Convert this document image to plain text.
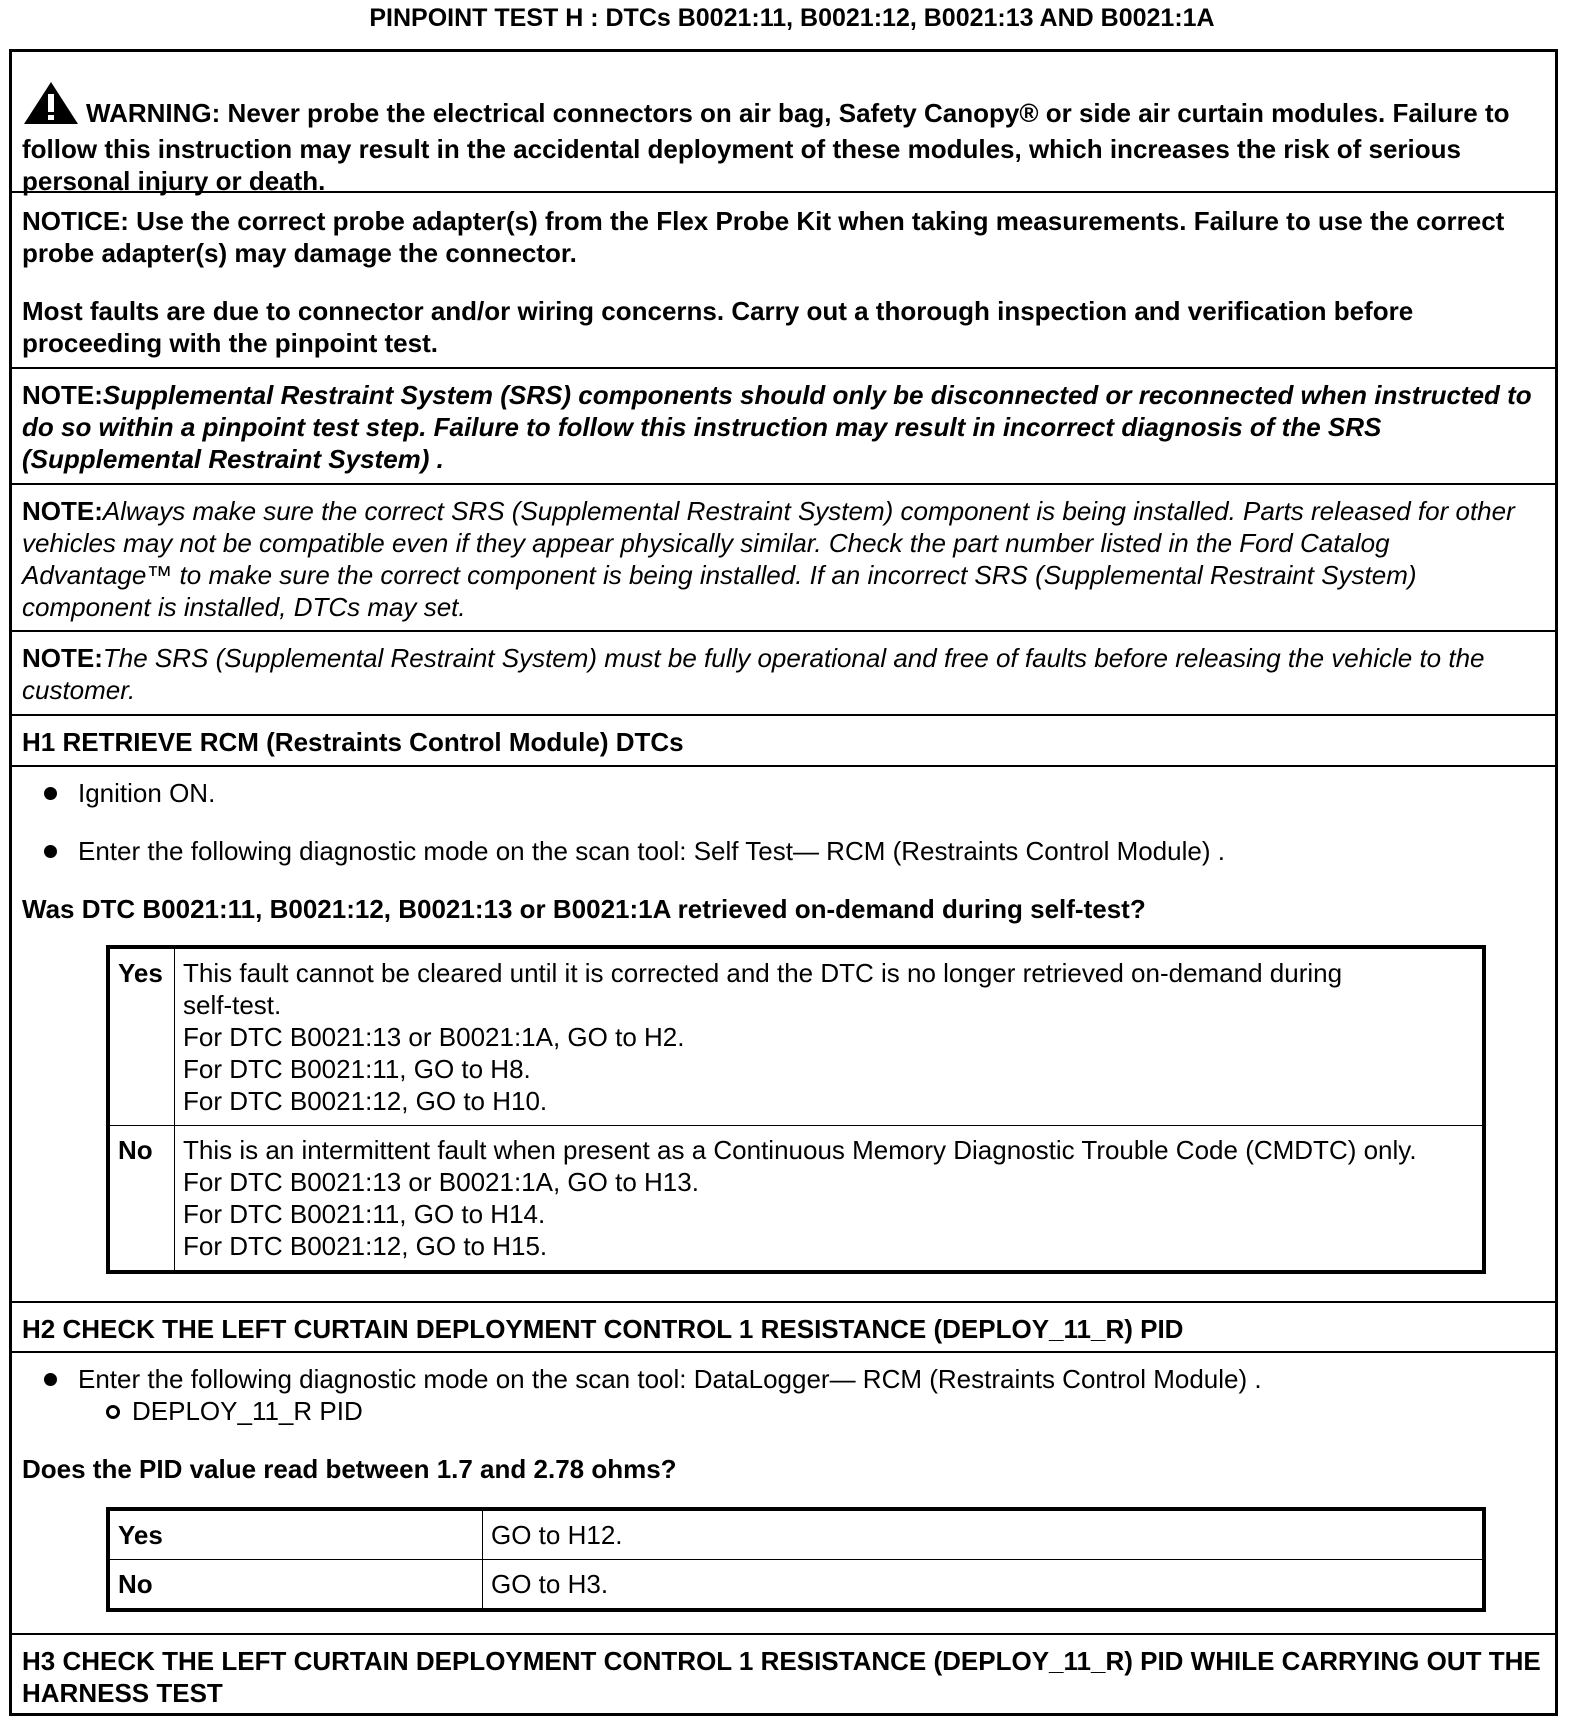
PINPOINT TEST H : DTCs B0021:11, B0021:12, B0021:13 AND B0021:1A

WARNING: Never probe the electrical connectors on air bag, Safety Canopy® or side air curtain modules. Failure to follow this instruction may result in the accidental deployment of these modules, which increases the risk of serious personal injury or death.

NOTICE: Use the correct probe adapter(s) from the Flex Probe Kit when taking measurements. Failure to use the correct probe adapter(s) may damage the connector.

Most faults are due to connector and/or wiring concerns. Carry out a thorough inspection and verification before proceeding with the pinpoint test.

NOTE:Supplemental Restraint System (SRS) components should only be disconnected or reconnected when instructed to do so within a pinpoint test step. Failure to follow this instruction may result in incorrect diagnosis of the SRS (Supplemental Restraint System) .

NOTE:Always make sure the correct SRS (Supplemental Restraint System) component is being installed. Parts released for other vehicles may not be compatible even if they appear physically similar. Check the part number listed in the Ford Catalog Advantage™ to make sure the correct component is being installed. If an incorrect SRS (Supplemental Restraint System) component is installed, DTCs may set.

NOTE:The SRS (Supplemental Restraint System) must be fully operational and free of faults before releasing the vehicle to the customer.

H1 RETRIEVE RCM (Restraints Control Module) DTCs

Ignition ON.
Enter the following diagnostic mode on the scan tool: Self Test— RCM (Restraints Control Module) .

Was DTC B0021:11, B0021:12, B0021:13 or B0021:1A retrieved on-demand during self-test?

Yes	This fault cannot be cleared until it is corrected and the DTC is no longer retrieved on-demand during
self-test.
For DTC B0021:13 or B0021:1A, GO to H2.
For DTC B0021:11, GO to H8.
For DTC B0021:12, GO to H10.

No	This is an intermittent fault when present as a Continuous Memory Diagnostic Trouble Code (CMDTC) only.
For DTC B0021:13 or B0021:1A, GO to H13.
For DTC B0021:11, GO to H14.
For DTC B0021:12, GO to H15.

H2 CHECK THE LEFT CURTAIN DEPLOYMENT CONTROL 1 RESISTANCE (DEPLOY_11_R) PID

Enter the following diagnostic mode on the scan tool: DataLogger— RCM (Restraints Control Module) .
DEPLOY_11_R PID

Does the PID value read between 1.7 and 2.78 ohms?

Yes	GO to H12.
No	GO to H3.

H3 CHECK THE LEFT CURTAIN DEPLOYMENT CONTROL 1 RESISTANCE (DEPLOY_11_R) PID WHILE CARRYING OUT THE HARNESS TEST
